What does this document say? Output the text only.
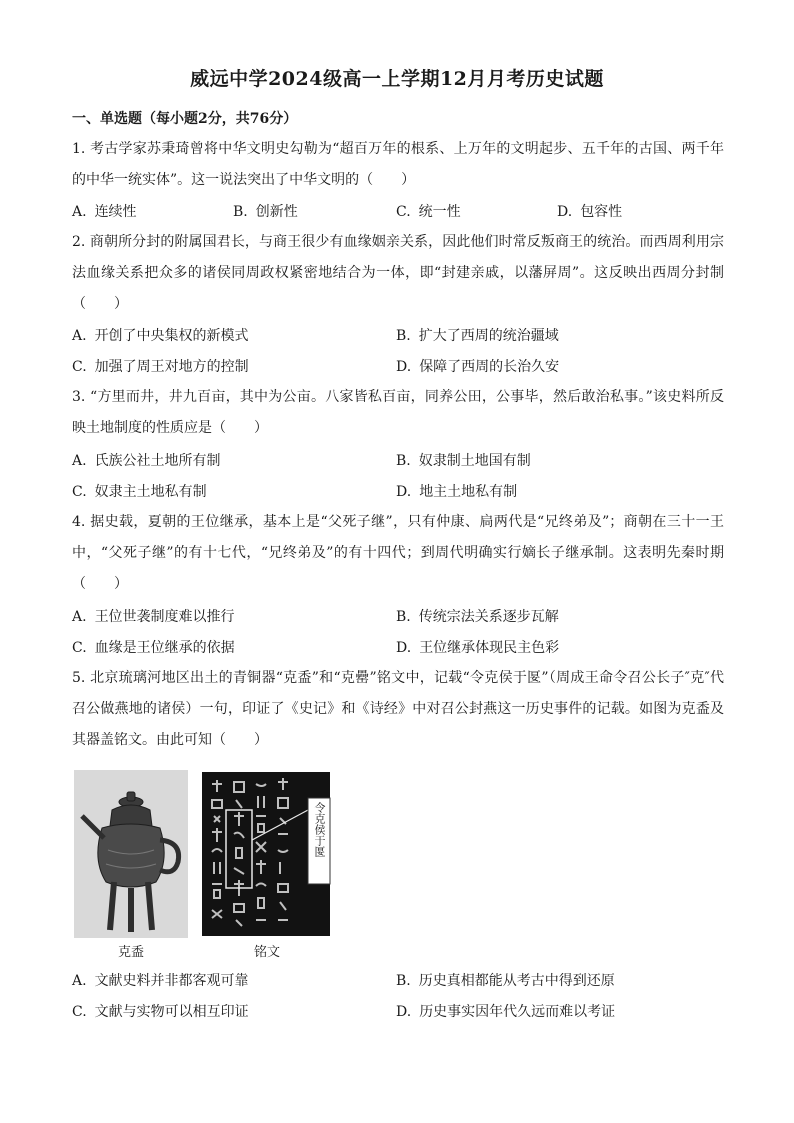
威远中学2024级高一上学期12月月考历史试题
一、单选题（每小题2分，共76分）
1. 考古学家苏秉琦曾将中华文明史勾勒为“超百万年的根系、上万年的文明起步、五千年的古国、两千年的中华一统实体”。这一说法突出了中华文明的（　　）
A. 连续性	B. 创新性	C. 统一性	D. 包容性
2. 商朝所分封的附属国君长，与商王很少有血缘姻亲关系，因此他们时常反叛商王的统治。而西周利用宗法血缘关系把众多的诸侯同周政权紧密地结合为一体，即“封建亲戚，以藩屏周”。这反映出西周分封制（　　）
A. 开创了中央集权的新模式	B. 扩大了西周的统治疆域
C. 加强了周王对地方的控制	D. 保障了西周的长治久安
3. “方里而井，井九百亩，其中为公亩。八家皆私百亩，同养公田，公事毕，然后敢治私事。”该史料所反映土地制度的性质应是（　　）
A. 氏族公社土地所有制	B. 奴隶制土地国有制
C. 奴隶主土地私有制	D. 地主土地私有制
4. 据史载，夏朝的王位继承，基本上是“父死子继”，只有仲康、扃两代是“兄终弟及”；商朝在三十一王中，“父死子继”的有十七代，“兄终弟及”的有十四代；到周代明确实行嫡长子继承制。这表明先秦时期（　　）
A. 王位世袭制度难以推行	B. 传统宗法关系逐步瓦解
C. 血缘是王位继承的依据	D. 王位继承体现民主色彩
5. 北京琉璃河地区出土的青铜器“克盉”和“克罍”铭文中，记载“令克侯于匽”（周成王命令召公长子″克″代召公做燕地的诸侯）一句，印证了《史记》和《诗经》中对召公封燕这一历史事件的记载。如图为克盉及其器盖铭文。由此可知（　　）
令克侯于匽
克盉	铭文
A. 文献史料并非都客观可靠	B. 历史真相都能从考古中得到还原
C. 文献与实物可以相互印证	D. 历史事实因年代久远而难以考证
